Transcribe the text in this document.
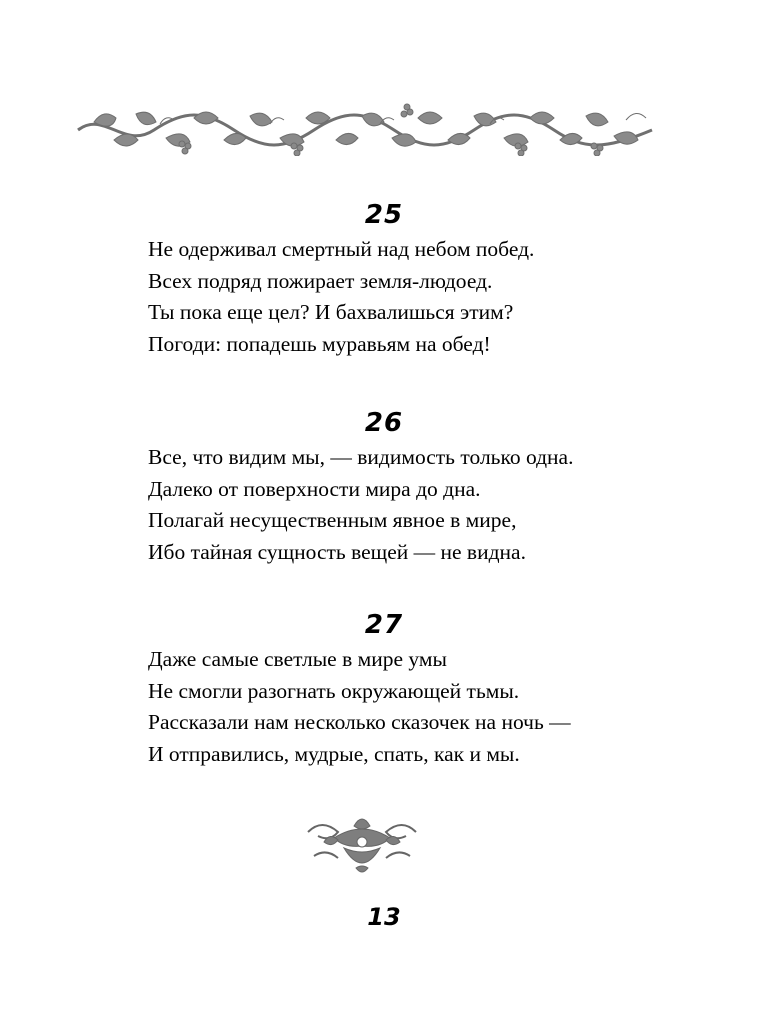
25
Не одерживал смертный над небом побед.
Всех подряд пожирает земля-людоед.
Ты пока еще цел? И бахвалишься этим?
Погоди: попадешь муравьям на обед!
26
Все, что видим мы, — видимость только одна.
Далеко от поверхности мира до дна.
Полагай несущественным явное в мире,
Ибо тайная сущность вещей — не видна.
27
Даже самые светлые в мире умы
Не смогли разогнать окружающей тьмы.
Рассказали нам несколько сказочек на ночь —
И отправились, мудрые, спать, как и мы.
13
